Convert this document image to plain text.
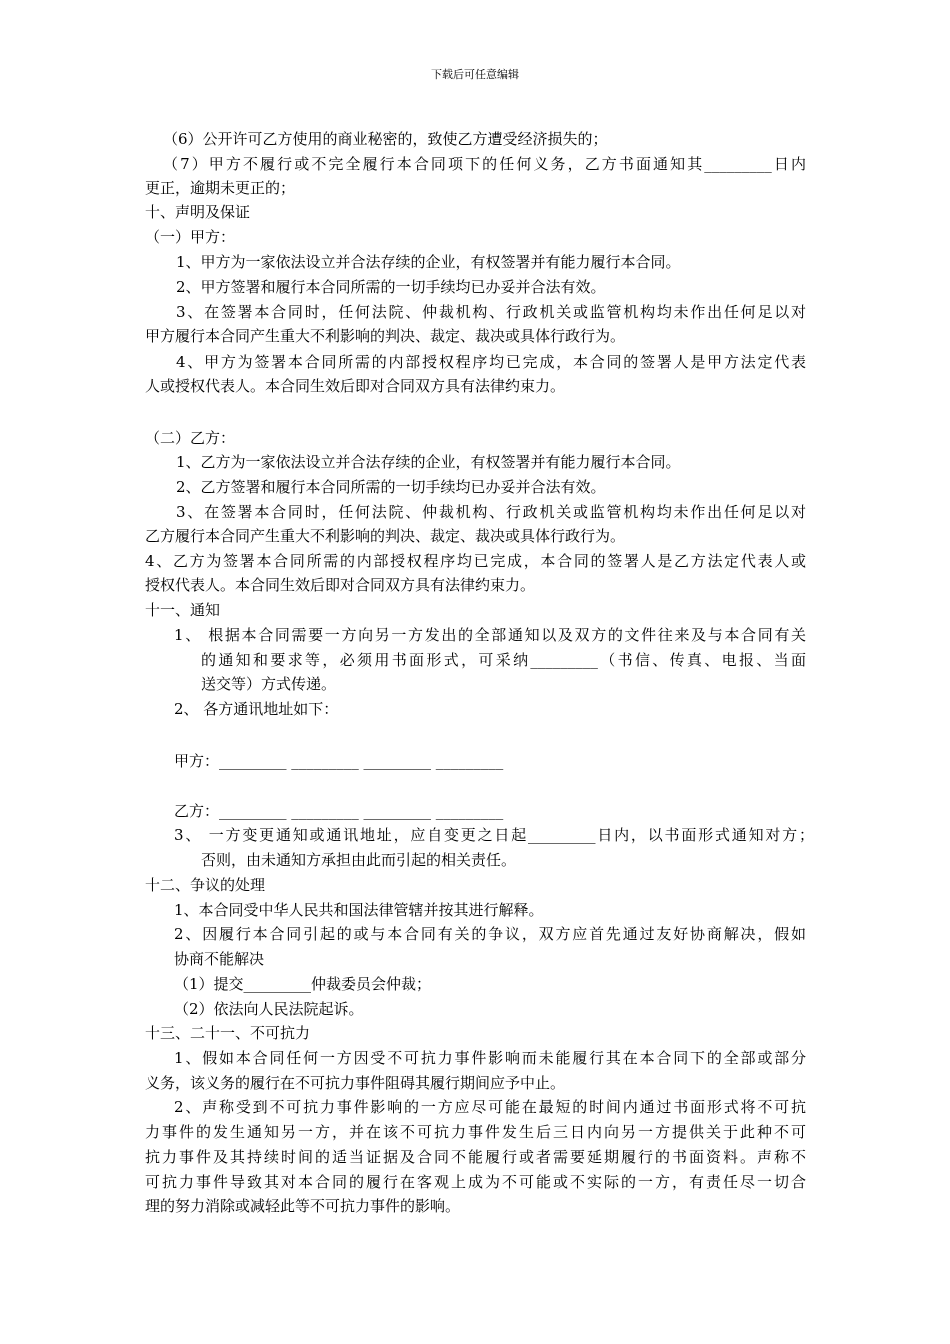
下载后可任意编辑

（6）公开许可乙方使用的商业秘密的，致使乙方遭受经济损失的；

（7）甲方不履行或不完全履行本合同项下的任何义务，乙方书面通知其_________日内

更正，逾期未更正的；

十、声明及保证

（一）甲方：

1、甲方为一家依法设立并合法存续的企业，有权签署并有能力履行本合同。

2、甲方签署和履行本合同所需的一切手续均已办妥并合法有效。

3、在签署本合同时，任何法院、仲裁机构、行政机关或监管机构均未作出任何足以对

甲方履行本合同产生重大不利影响的判决、裁定、裁决或具体行政行为。

4、甲方为签署本合同所需的内部授权程序均已完成，本合同的签署人是甲方法定代表

人或授权代表人。本合同生效后即对合同双方具有法律约束力。

（二）乙方：

1、乙方为一家依法设立并合法存续的企业，有权签署并有能力履行本合同。

2、乙方签署和履行本合同所需的一切手续均已办妥并合法有效。

3、在签署本合同时，任何法院、仲裁机构、行政机关或监管机构均未作出任何足以对

乙方履行本合同产生重大不利影响的判决、裁定、裁决或具体行政行为。

4、乙方为签署本合同所需的内部授权程序均已完成，本合同的签署人是乙方法定代表人或

授权代表人。本合同生效后即对合同双方具有法律约束力。

十一、通知

1、 根据本合同需要一方向另一方发出的全部通知以及双方的文件往来及与本合同有关

的通知和要求等，必须用书面形式，可采纳_________（书信、传真、电报、当面

送交等）方式传递。

2、 各方通讯地址如下：

甲方：_________ _________ _________ _________

乙方：_________ _________ _________ _________

3、 一方变更通知或通讯地址，应自变更之日起_________日内，以书面形式通知对方；

否则，由未通知方承担由此而引起的相关责任。

十二、争议的处理

1、本合同受中华人民共和国法律管辖并按其进行解释。

2、因履行本合同引起的或与本合同有关的争议，双方应首先通过友好协商解决，假如

协商不能解决

（1）提交_________仲裁委员会仲裁；

（2）依法向人民法院起诉。

十三、二十一、不可抗力

1、假如本合同任何一方因受不可抗力事件影响而未能履行其在本合同下的全部或部分

义务，该义务的履行在不可抗力事件阻碍其履行期间应予中止。

2、声称受到不可抗力事件影响的一方应尽可能在最短的时间内通过书面形式将不可抗

力事件的发生通知另一方，并在该不可抗力事件发生后三日内向另一方提供关于此种不可

抗力事件及其持续时间的适当证据及合同不能履行或者需要延期履行的书面资料。声称不

可抗力事件导致其对本合同的履行在客观上成为不可能或不实际的一方，有责任尽一切合

理的努力消除或减轻此等不可抗力事件的影响。
